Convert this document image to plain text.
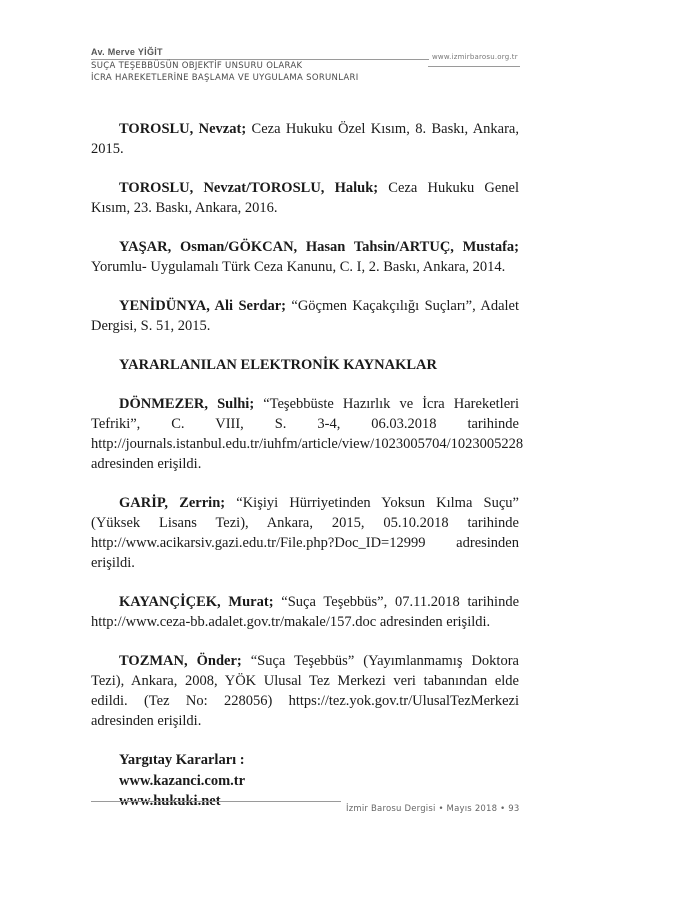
Av. Merve YİĞİT
SUÇA TEŞEBBÜSÜN OBJEKTİF UNSURU OLARAK
İCRA HAREKETLERİNE BAŞLAMA VE UYGULAMA SORUNLARI
www.izmirbarosu.org.tr

TOROSLU, Nevzat; Ceza Hukuku Özel Kısım, 8. Baskı, Ankara, 2015.

TOROSLU, Nevzat/TOROSLU, Haluk; Ceza Hukuku Genel Kısım, 23. Baskı, Ankara, 2016.

YAŞAR, Osman/GÖKCAN, Hasan Tahsin/ARTUÇ, Mustafa; Yorumlu- Uygulamalı Türk Ceza Kanunu, C. I, 2. Baskı, Ankara, 2014.

YENİDÜNYA, Ali Serdar; “Göçmen Kaçakçılığı Suçları”, Adalet Dergisi, S. 51, 2015.

YARARLANILAN ELEKTRONİK KAYNAKLAR

DÖNMEZER, Sulhi; “Teşebbüste Hazırlık ve İcra Hareketleri Tefriki”, C. VIII, S. 3-4, 06.03.2018 tarihinde http://journals.istanbul.edu.tr/iuhfm/article/view/1023005704/1023005228 adresinden erişildi.

GARİP, Zerrin; “Kişiyi Hürriyetinden Yoksun Kılma Suçu” (Yüksek Lisans Tezi), Ankara, 2015, 05.10.2018 tarihinde http://www.acikarsiv.gazi.edu.tr/File.php?Doc_ID=12999 adresinden erişildi.

KAYANÇİÇEK, Murat; “Suça Teşebbüs”, 07.11.2018 tarihinde http://www.ceza-bb.adalet.gov.tr/makale/157.doc adresinden erişildi.

TOZMAN, Önder; “Suça Teşebbüs” (Yayımlanmamış Doktora Tezi), Ankara, 2008, YÖK Ulusal Tez Merkezi veri tabanından elde edildi. (Tez No: 228056) https://tez.yok.gov.tr/UlusalTezMerkezi adresinden erişildi.

Yargıtay Kararları :
www.kazanci.com.tr
www.hukuki.net	İzmir Barosu Dergisi • Mayıs 2018 • 93
